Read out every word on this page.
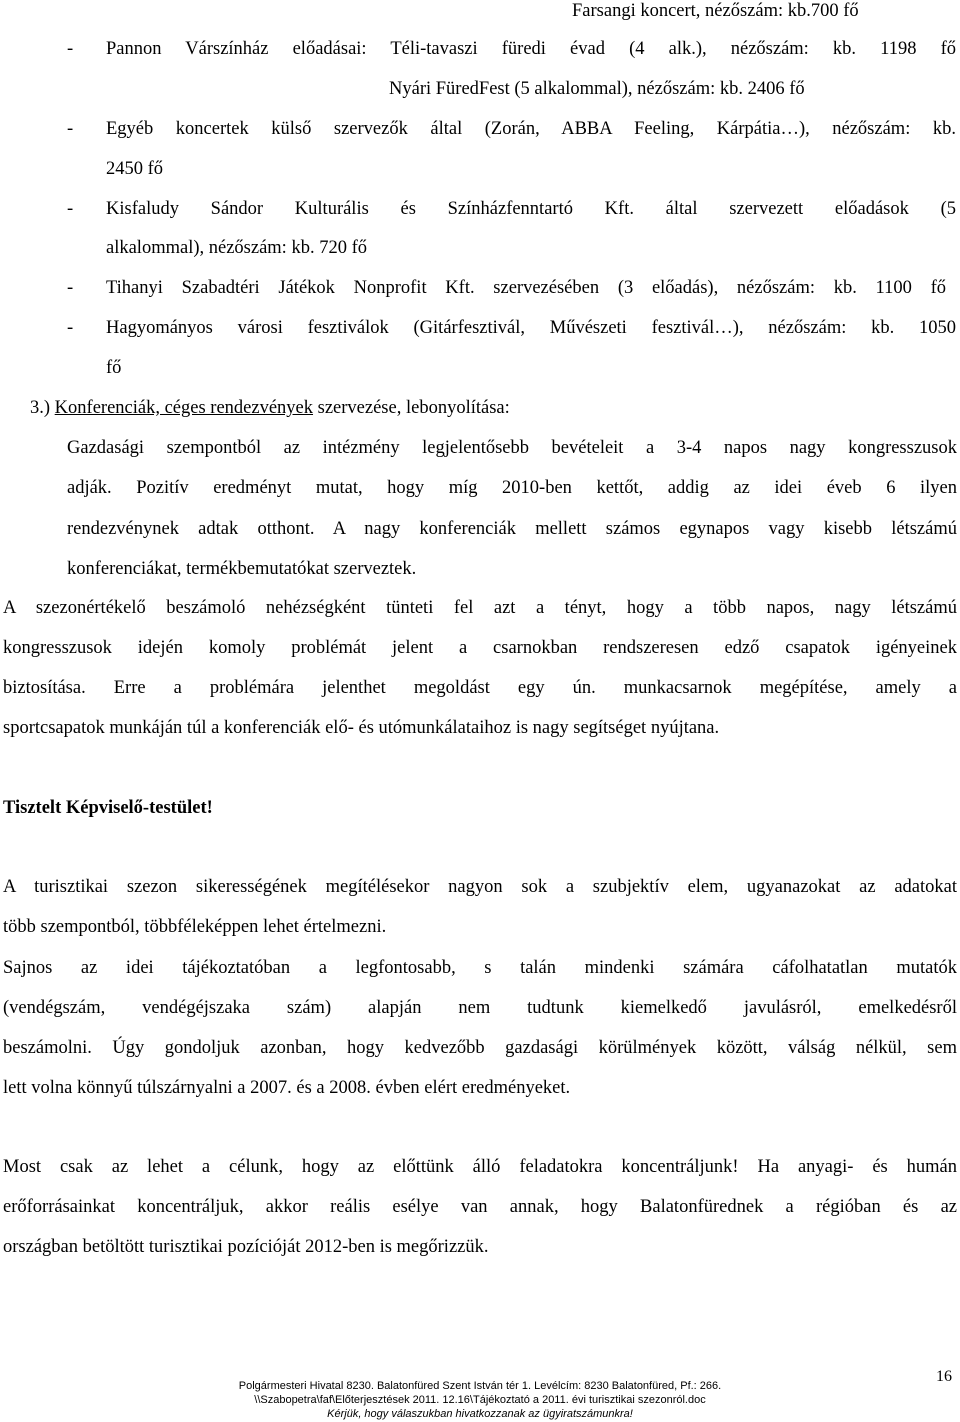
Farsangi koncert, nézőszám: kb.700 fő

- Pannon Várszínház előadásai: Téli-tavaszi füredi évad (4 alk.), nézőszám: kb. 1198 fő

Nyári FüredFest (5 alkalommal), nézőszám: kb. 2406 fő

- Egyéb koncertek külső szervezők által (Zorán, ABBA Feeling, Kárpátia…), nézőszám: kb.

2450 fő

- Kisfaludy Sándor Kulturális és Színházfenntartó Kft. által szervezett előadások (5

alkalommal), nézőszám: kb. 720 fő

- Tihanyi Szabadtéri Játékok Nonprofit Kft. szervezésében (3 előadás), nézőszám: kb. 1100 fő

- Hagyományos városi fesztiválok (Gitárfesztivál, Művészeti fesztivál…), nézőszám: kb. 1050

fő

3.) Konferenciák, céges rendezvények szervezése, lebonyolítása:

Gazdasági szempontból az intézmény legjelentősebb bevételeit a 3-4 napos nagy kongresszusok

adják. Pozitív eredményt mutat, hogy míg 2010-ben kettőt, addig az idei éveb 6 ilyen

rendezvénynek adtak otthont. A nagy konferenciák mellett számos egynapos vagy kisebb létszámú

konferenciákat, termékbemutatókat szerveztek.

A szezonértékelő beszámoló nehézségként tünteti fel azt a tényt, hogy a több napos, nagy létszámú

kongresszusok idején komoly problémát jelent a csarnokban rendszeresen edző csapatok igényeinek

biztosítása. Erre a problémára jelenthet megoldást egy ún. munkacsarnok megépítése, amely a

sportcsapatok munkáján túl a konferenciák elő- és utómunkálataihoz is nagy segítséget nyújtana.

Tisztelt Képviselő-testület!

A turisztikai szezon sikerességének megítélésekor nagyon sok a szubjektív elem, ugyanazokat az adatokat

több szempontból, többféleképpen lehet értelmezni.

Sajnos az idei tájékoztatóban a legfontosabb, s talán mindenki számára cáfolhatatlan mutatók

(vendégszám, vendégéjszaka szám) alapján nem tudtunk kiemelkedő javulásról, emelkedésről

beszámolni. Úgy gondoljuk azonban, hogy kedvezőbb gazdasági körülmények között, válság nélkül, sem

lett volna könnyű túlszárnyalni a 2007. és a 2008. évben elért eredményeket.

Most csak az lehet a célunk, hogy az előttünk álló feladatokra koncentráljunk! Ha anyagi- és humán

erőforrásainkat koncentráljuk, akkor reális esélye van annak, hogy Balatonfürednek a régióban és az

országban betöltött turisztikai pozícióját 2012-ben is megőrizzük.

Polgármesteri Hivatal 8230. Balatonfüred Szent István tér 1. Levélcím: 8230 Balatonfüred, Pf.: 266.
\\Szabopetra\faf\Előterjesztések 2011. 12.16\Tájékoztató a 2011. évi turisztikai szezonról.doc
Kérjük, hogy válaszukban hivatkozzanak az ügyiratszámunkra!
16
